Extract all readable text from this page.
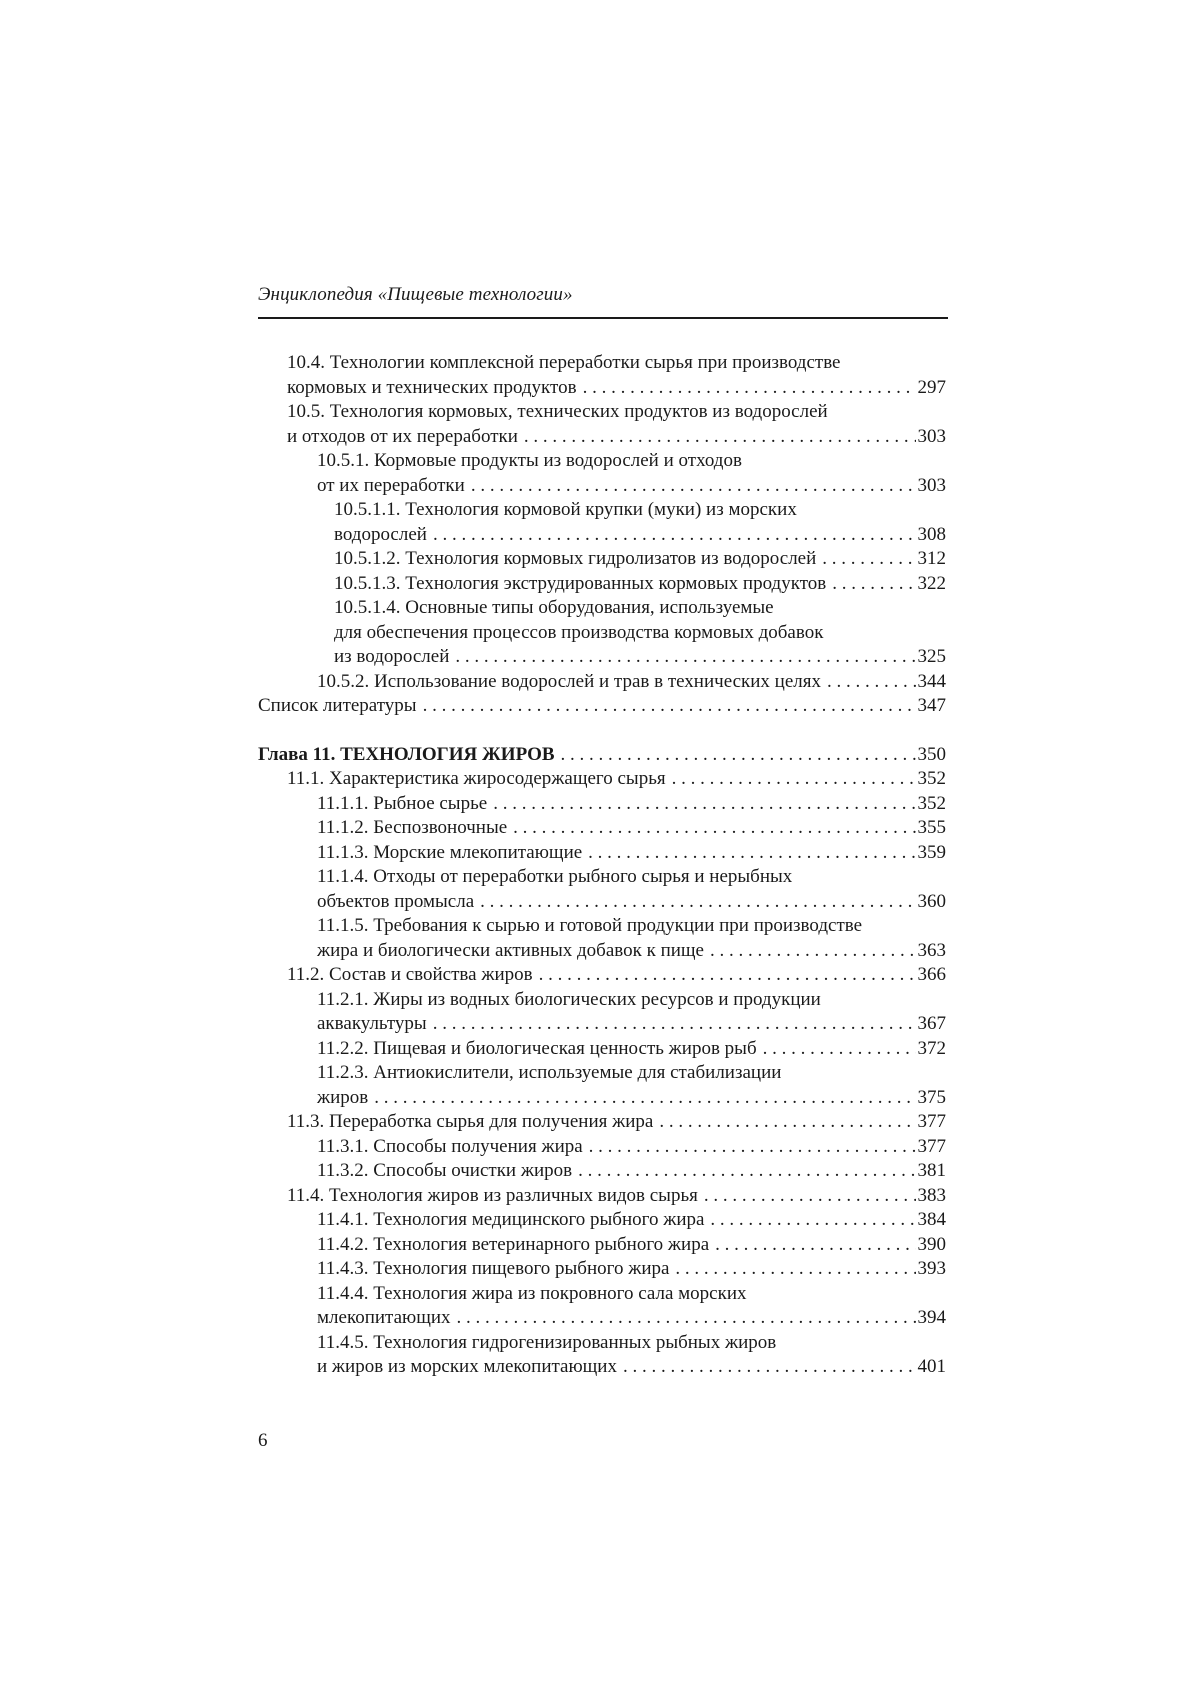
Энциклопедия «Пищевые технологии»
10.4. Технологии комплексной переработки сырья при производстве
кормовых и технических продуктов . . .	297
10.5. Технология кормовых, технических продуктов из водорослей
и отходов от их переработки . . .	303
10.5.1. Кормовые продукты из водорослей и отходов
от их переработки . . .	303
10.5.1.1. Технология кормовой крупки (муки) из морских
водорослей . . .	308
10.5.1.2. Технология кормовых гидролизатов из водорослей . . .	312
10.5.1.3. Технология экструдированных кормовых продуктов . . .	322
10.5.1.4. Основные типы оборудования, используемые
для обеспечения процессов производства кормовых добавок
из водорослей . . .	325
10.5.2. Использование водорослей и трав в технических целях . . .	344
Список литературы . . .	347
Глава 11. ТЕХНОЛОГИЯ ЖИРОВ . . .	350
11.1. Характеристика жиросодержащего сырья . . .	352
11.1.1. Рыбное сырье . . .	352
11.1.2. Беспозвоночные . . .	355
11.1.3. Морские млекопитающие . . .	359
11.1.4. Отходы от переработки рыбного сырья и нерыбных
объектов промысла . . .	360
11.1.5. Требования к сырью и готовой продукции при производстве
жира и биологически активных добавок к пище . . .	363
11.2. Состав и свойства жиров . . .	366
11.2.1. Жиры из водных биологических ресурсов и продукции
аквакультуры . . .	367
11.2.2. Пищевая и биологическая ценность жиров рыб . . .	372
11.2.3. Антиокислители, используемые для стабилизации
жиров . . .	375
11.3. Переработка сырья для получения жира . . .	377
11.3.1. Способы получения жира . . .	377
11.3.2. Способы очистки жиров . . .	381
11.4. Технология жиров из различных видов сырья . . .	383
11.4.1. Технология медицинского рыбного жира . . .	384
11.4.2. Технология ветеринарного рыбного жира . . .	390
11.4.3. Технология пищевого рыбного жира . . .	393
11.4.4. Технология жира из покровного сала морских
млекопитающих . . .	394
11.4.5. Технология гидрогенизированных рыбных жиров
и жиров из морских млекопитающих . . .	401
6
